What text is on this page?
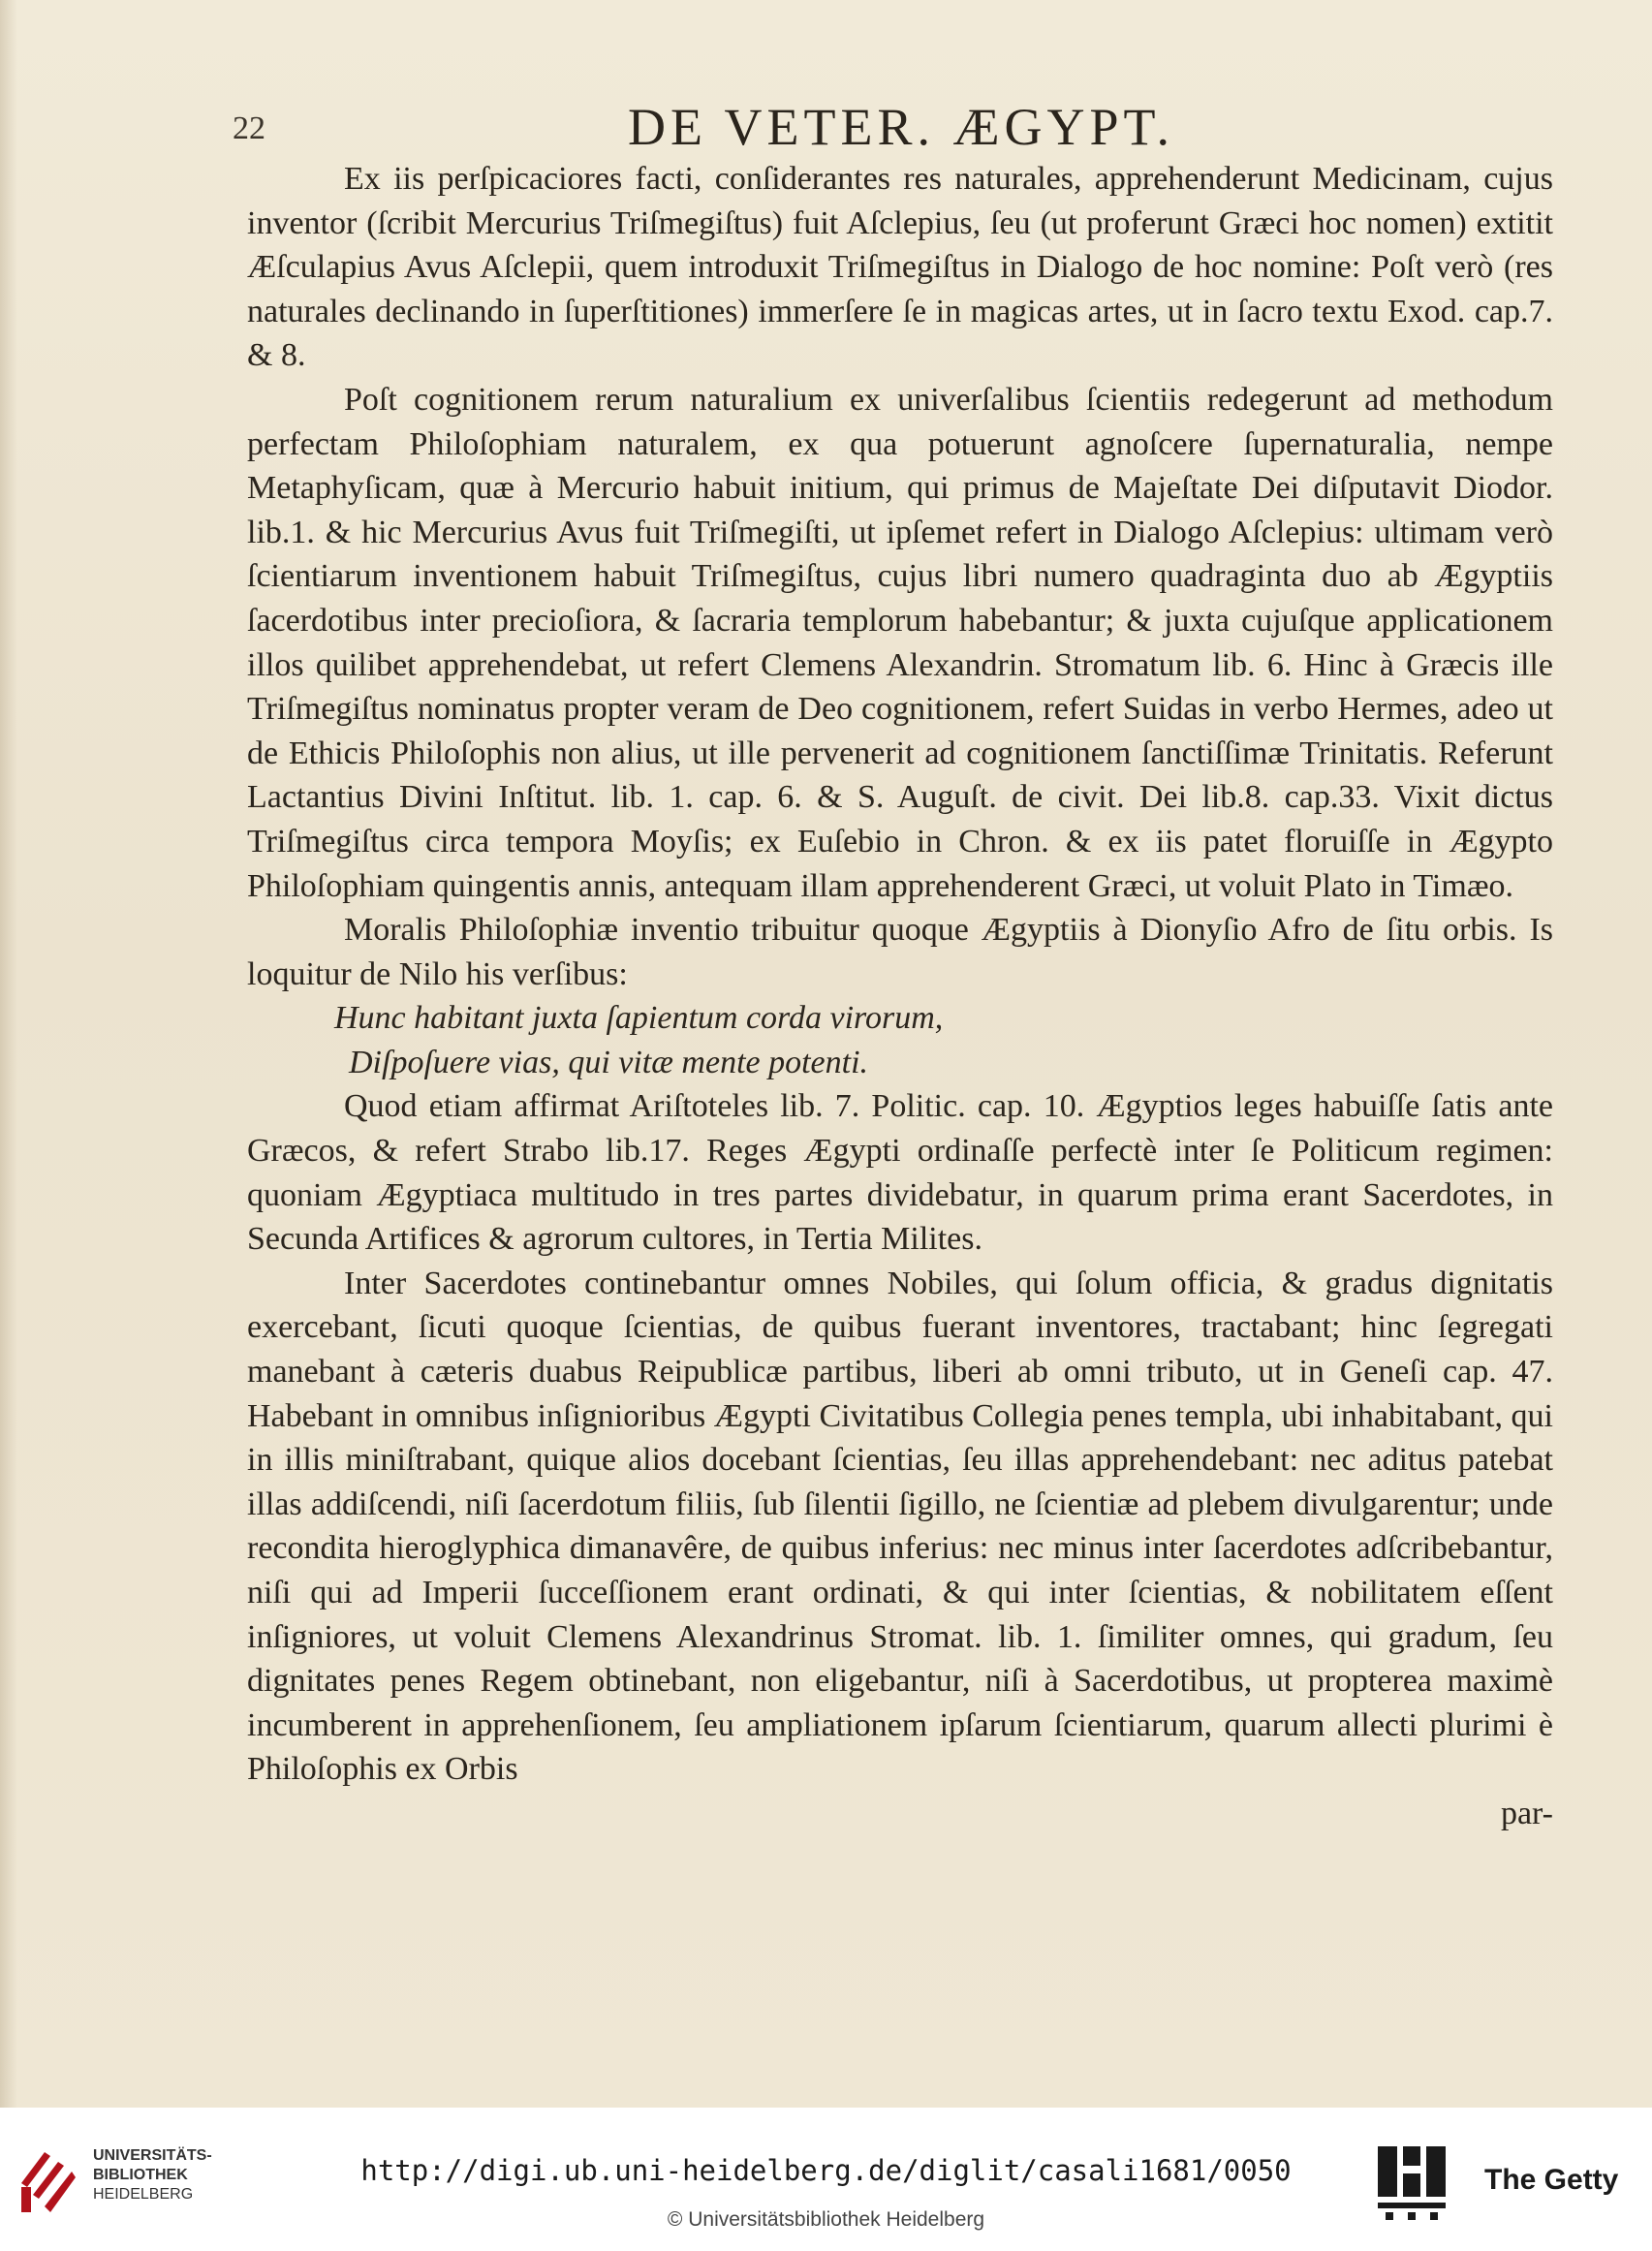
22	DE VETER. ÆGYPT.

Ex iis perſpicaciores facti, conſiderantes res naturales, apprehenderunt Medicinam, cujus inventor (ſcribit Mercurius Triſmegiſtus) fuit Aſclepius, ſeu (ut proferunt Græci hoc nomen) extitit Æſculapius Avus Aſclepii, quem introduxit Triſmegiſtus in Dialogo de hoc nomine: Poſt verò (res naturales declinando in ſuperſtitiones) immerſere ſe in magicas artes, ut in ſacro textu Exod. cap.7. & 8.

Poſt cognitionem rerum naturalium ex univerſalibus ſcientiis redegerunt ad methodum perfectam Philoſophiam naturalem, ex qua potuerunt agnoſcere ſupernaturalia, nempe Metaphyſicam, quæ à Mercurio habuit initium, qui primus de Majeſtate Dei diſputavit Diodor. lib.1. & hic Mercurius Avus fuit Triſmegiſti, ut ipſemet refert in Dialogo Aſclepius: ultimam verò ſcientiarum inventionem habuit Triſmegiſtus, cujus libri numero quadraginta duo ab Ægyptiis ſacerdotibus inter precioſiora, & ſacraria templorum habebantur; & juxta cujuſque applicationem illos quilibet apprehendebat, ut refert Clemens Alexandrin. Stromatum lib. 6. Hinc à Græcis ille Triſmegiſtus nominatus propter veram de Deo cognitionem, refert Suidas in verbo Hermes, adeo ut de Ethicis Philoſophis non alius, ut ille pervenerit ad cognitionem ſanctiſſimæ Trinitatis. Referunt Lactantius Divini Inſtitut. lib. 1. cap. 6. & S. Auguſt. de civit. Dei lib.8. cap.33. Vixit dictus Triſmegiſtus circa tempora Moyſis; ex Euſebio in Chron. & ex iis patet floruiſſe in Ægypto Philoſophiam quingentis annis, antequam illam apprehenderent Græci, ut voluit Plato in Timæo.

Moralis Philoſophiæ inventio tribuitur quoque Ægyptiis à Dionyſio Afro de ſitu orbis. Is loquitur de Nilo his verſibus:

Hunc habitant juxta ſapientum corda virorum,

Diſpoſuere vias, qui vitæ mente potenti.

Quod etiam affirmat Ariſtoteles lib. 7. Politic. cap. 10. Ægyptios leges habuiſſe ſatis ante Græcos, & refert Strabo lib.17. Reges Ægypti ordinaſſe perfectè inter ſe Politicum regimen: quoniam Ægyptiaca multitudo in tres partes dividebatur, in quarum prima erant Sacerdotes, in Secunda Artifices & agrorum cultores, in Tertia Milites.

Inter Sacerdotes continebantur omnes Nobiles, qui ſolum officia, & gradus dignitatis exercebant, ſicuti quoque ſcientias, de quibus fuerant inventores, tractabant; hinc ſegregati manebant à cæteris duabus Reipublicæ partibus, liberi ab omni tributo, ut in Geneſi cap. 47. Habebant in omnibus inſignioribus Ægypti Civitatibus Collegia penes templa, ubi inhabitabant, qui in illis miniſtrabant, quique alios docebant ſcientias, ſeu illas apprehendebant: nec aditus patebat illas addiſcendi, niſi ſacerdotum filiis, ſub ſilentii ſigillo, ne ſcientiæ ad plebem divulgarentur; unde recondita hieroglyphica dimanavêre, de quibus inferius: nec minus inter ſacerdotes adſcribebantur, niſi qui ad Imperii ſucceſſionem erant ordinati, & qui inter ſcientias, & nobilitatem eſſent inſigniores, ut voluit Clemens Alexandrinus Stromat. lib. 1. ſimiliter omnes, qui gradum, ſeu dignitates penes Regem obtinebant, non eligebantur, niſi à Sacerdotibus, ut propterea maximè incumberent in apprehenſionem, ſeu ampliationem ipſarum ſcientiarum, quarum allecti plurimi è Philoſophis ex Orbis

par-

UNIVERSITÄTS-
BIBLIOTHEK
HEIDELBERG
http://digi.ub.uni-heidelberg.de/diglit/casali1681/0050
© Universitätsbibliothek Heidelberg
The Getty
